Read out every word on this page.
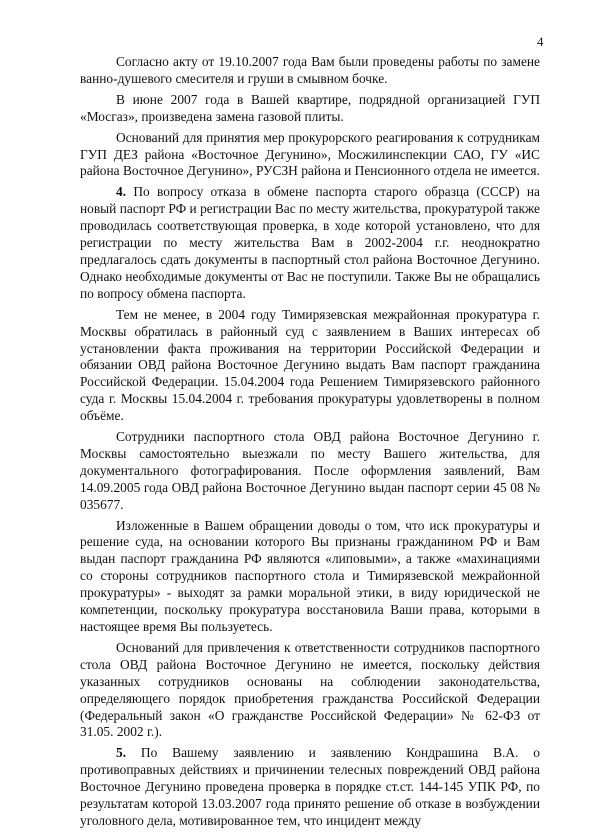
4

Согласно акту от 19.10.2007 года Вам были проведены работы по замене ванно-душевого смесителя и груши в смывном бочке.

В июне 2007 года в Вашей квартире, подрядной организацией ГУП «Мосгаз», произведена замена газовой плиты.

Оснований для принятия мер прокурорского реагирования к сотрудникам ГУП ДЕЗ района «Восточное Дегунино», Мосжилинспекции САО, ГУ «ИС района Восточное Дегунино», РУСЗН района и Пенсионного отдела не имеется.

4. По вопросу отказа в обмене паспорта старого образца (СССР) на новый паспорт РФ и регистрации Вас по месту жительства, прокуратурой также проводилась соответствующая проверка, в ходе которой установлено, что для регистрации по месту жительства Вам в 2002-2004 г.г. неоднократно предлагалось сдать документы в паспортный стол района Восточное Дегунино. Однако необходимые документы от Вас не поступили. Также Вы не обращались по вопросу обмена паспорта.

Тем не менее, в 2004 году Тимирязевская межрайонная прокуратура г. Москвы обратилась в районный суд с заявлением в Ваших интересах об установлении факта проживания на территории Российской Федерации и обязании ОВД района Восточное Дегунино выдать Вам паспорт гражданина Российской Федерации. 15.04.2004 года Решением Тимирязевского районного суда г. Москвы 15.04.2004 г. требования прокуратуры удовлетворены в полном объёме.

Сотрудники паспортного стола ОВД района Восточное Дегунино г. Москвы самостоятельно выезжали по месту Вашего жительства, для документального фотографирования. После оформления заявлений, Вам 14.09.2005 года ОВД района Восточное Дегунино выдан паспорт серии 45 08 № 035677.

Изложенные в Вашем обращении доводы о том, что иск прокуратуры и решение суда, на основании которого Вы признаны гражданином РФ и Вам выдан паспорт гражданина РФ являются «липовыми», а также «махинациями со стороны сотрудников паспортного стола и Тимирязевской межрайонной прокуратуры» - выходят за рамки моральной этики, в виду юридической не компетенции, поскольку прокуратура восстановила Ваши права, которыми в настоящее время Вы пользуетесь.

Оснований для привлечения к ответственности сотрудников паспортного стола ОВД района Восточное Дегунино не имеется, поскольку действия указанных сотрудников основаны на соблюдении законодательства, определяющего порядок приобретения гражданства Российской Федерации (Федеральный закон «О гражданстве Российской Федерации» № 62-ФЗ от 31.05. 2002 г.).

5. По Вашему заявлению и заявлению Кондрашина В.А. о противоправных действиях и причинении телесных повреждений ОВД района Восточное Дегунино проведена проверка в порядке ст.ст. 144-145 УПК РФ, по результатам которой 13.03.2007 года принято решение об отказе в возбуждении уголовного дела, мотивированное тем, что инцидент между
